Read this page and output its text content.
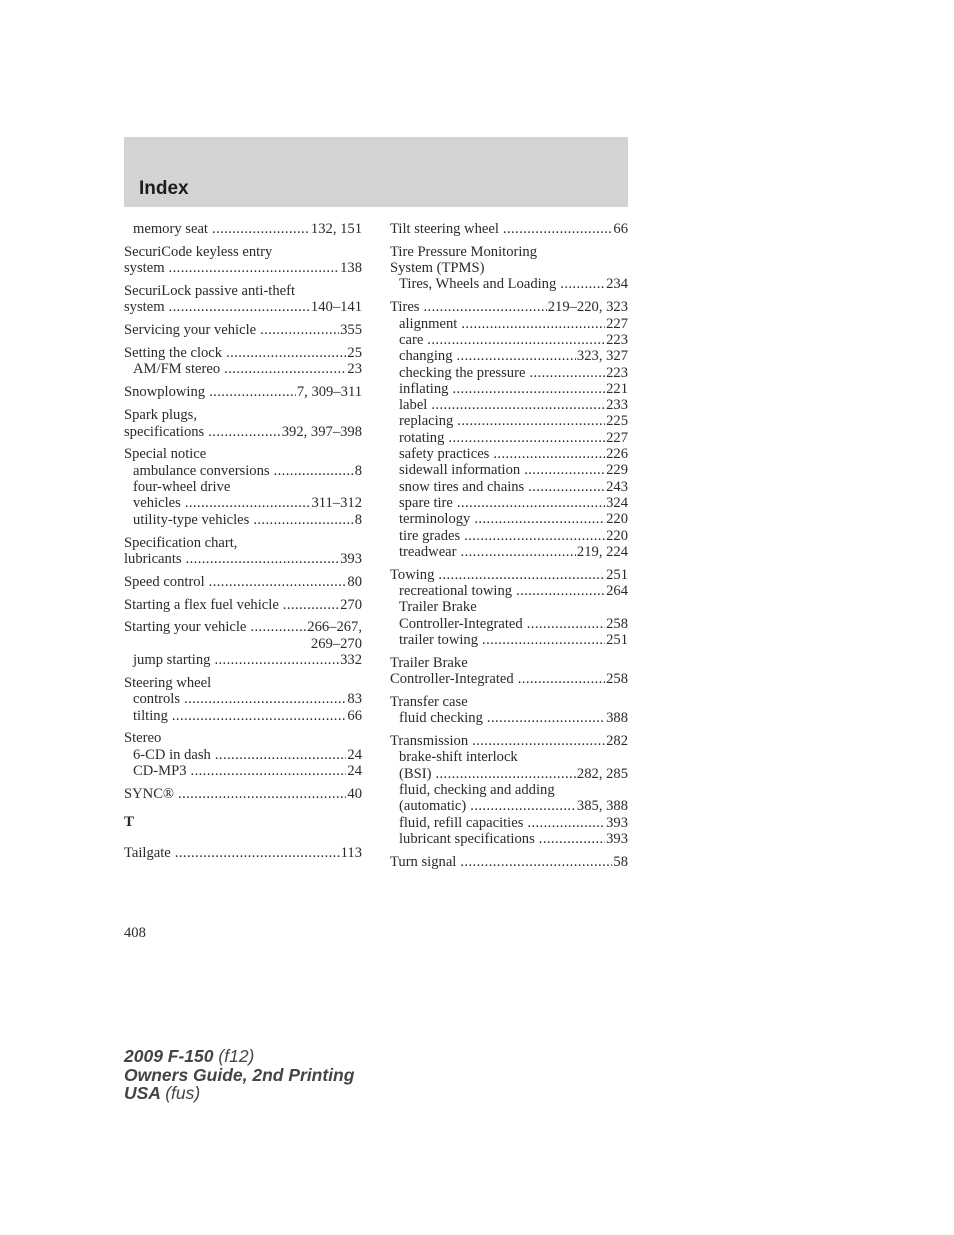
Index
memory seat .....	132, 151
SecuriCode keyless entry
system .....	138
SecuriLock passive anti-theft
system .....	140–141
Servicing your vehicle .....	355
Setting the clock .....	25
AM/FM stereo .....	23
Snowplowing .....	7, 309–311
Spark plugs,
specifications .....	392, 397–398
Special notice
ambulance conversions .....	8
four-wheel drive
vehicles .....	311–312
utility-type vehicles .....	8
Specification chart,
lubricants .....	393
Speed control .....	80
Starting a flex fuel vehicle .....	270
Starting your vehicle .....	266–267,
269–270
jump starting .....	332
Steering wheel
controls .....	83
tilting .....	66
Stereo
6-CD in dash .....	24
CD-MP3 .....	24
SYNC® .....	40
T
Tailgate .....	113
Tilt steering wheel .....	66
Tire Pressure Monitoring
System (TPMS)
Tires, Wheels and Loading .....	234
Tires .....	219–220, 323
alignment .....	227
care .....	223
changing .....	323, 327
checking the pressure .....	223
inflating .....	221
label .....	233
replacing .....	225
rotating .....	227
safety practices .....	226
sidewall information .....	229
snow tires and chains .....	243
spare tire .....	324
terminology .....	220
tire grades .....	220
treadwear .....	219, 224
Towing .....	251
recreational towing .....	264
Trailer Brake
Controller-Integrated .....	258
trailer towing .....	251
Trailer Brake
Controller-Integrated .....	258
Transfer case
fluid checking .....	388
Transmission .....	282
brake-shift interlock
(BSI) .....	282, 285
fluid, checking and adding
(automatic) .....	385, 388
fluid, refill capacities .....	393
lubricant specifications .....	393
Turn signal .....	58
408
2009 F-150 (f12)
Owners Guide, 2nd Printing
USA (fus)
